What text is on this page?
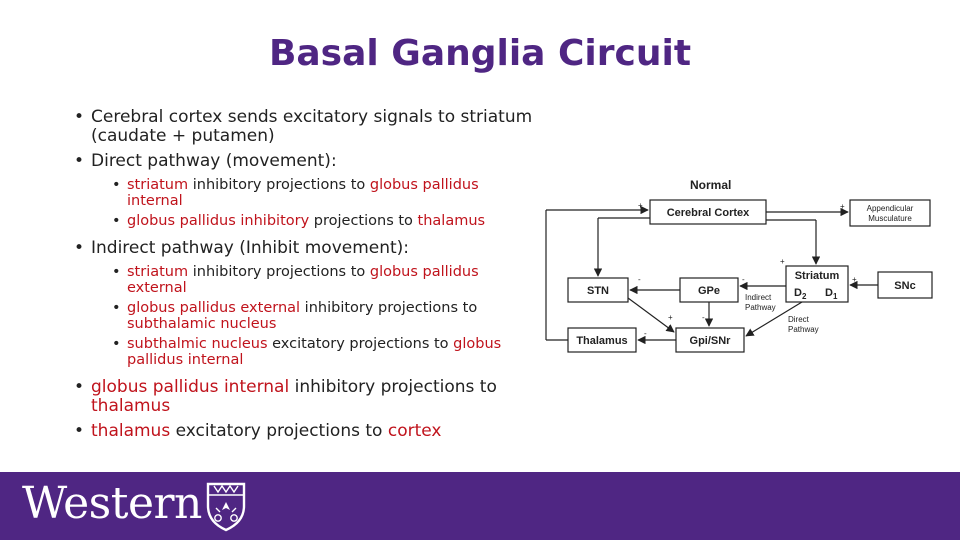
Basal Ganglia Circuit
• Cerebral cortex sends excitatory signals to striatum (caudate + putamen)
• Direct pathway (movement):
• striatum inhibitory projections to globus pallidus internal
• globus pallidus inhibitory projections to thalamus
• Indirect pathway (Inhibit movement):
• striatum inhibitory projections to globus pallidus external
• globus pallidus external inhibitory projections to subthalamic nucleus
• subthalmic nucleus excitatory projections to globus pallidus internal
• globus pallidus internal inhibitory projections to thalamus
• thalamus excitatory projections to cortex
Normal
Cerebral Cortex
STN	GPe
Striatum
SNc
Thalamus	Gpi/SNr
$D_2$ $D_1$
Appendicular
Musculature
Indirect
Pathway
Direct
Pathway
+	+
+
-	-	+
+	-
-
-
Western
